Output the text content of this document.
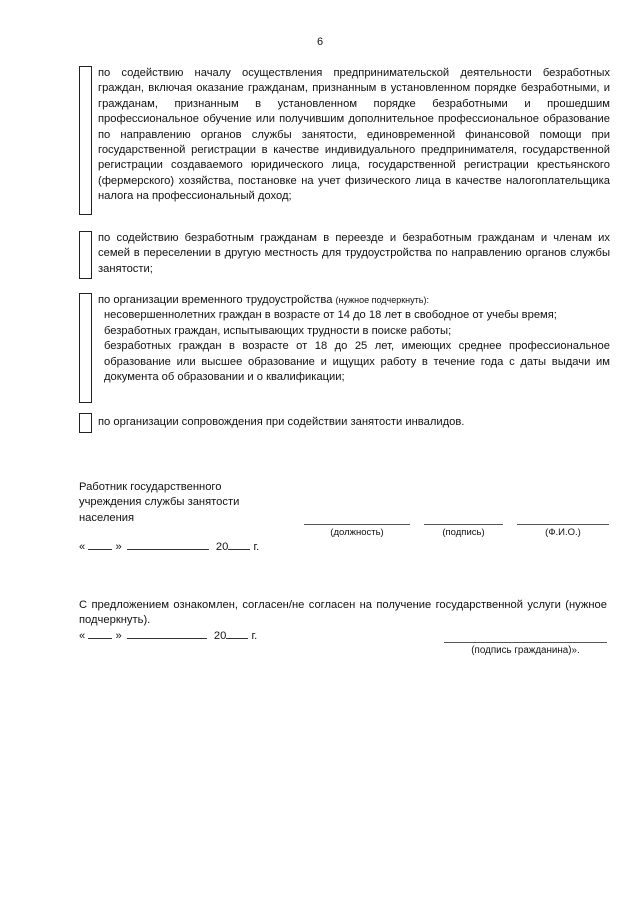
6
по содействию началу осуществления предпринимательской деятельности безработных граждан, включая оказание гражданам, признанным в установленном порядке безработными, и гражданам, признанным в установленном порядке безработными и прошедшим профессиональное обучение или получившим дополнительное профессиональное образование по направлению органов службы занятости, единовременной финансовой помощи при государственной регистрации в качестве индивидуального предпринимателя, государственной регистрации создаваемого юридического лица, государственной регистрации крестьянского (фермерского) хозяйства, постановке на учет физического лица в качестве налогоплательщика налога на профессиональный доход;
по содействию безработным гражданам в переезде и безработным гражданам и членам их семей в переселении в другую местность для трудоустройства по направлению органов службы занятости;
по организации временного трудоустройства (нужное подчеркнуть):
несовершеннолетних граждан в возрасте от 14 до 18 лет в свободное от учебы время;
безработных граждан, испытывающих трудности в поиске работы;
безработных граждан в возрасте от 18 до 25 лет, имеющих среднее профессиональное образование или высшее образование и ищущих работу в течение года с даты выдачи им документа об образовании и о квалификации;
по организации сопровождения при содействии занятости инвалидов.
Работник государственного
учреждения службы занятости
населения
(должность)	(подпись)	(Ф.И.О.)
«	»	20 г.
С предложением ознакомлен, согласен/не согласен на получение государственной услуги (нужное подчеркнуть).
«	»	20 г.
(подпись гражданина)».
